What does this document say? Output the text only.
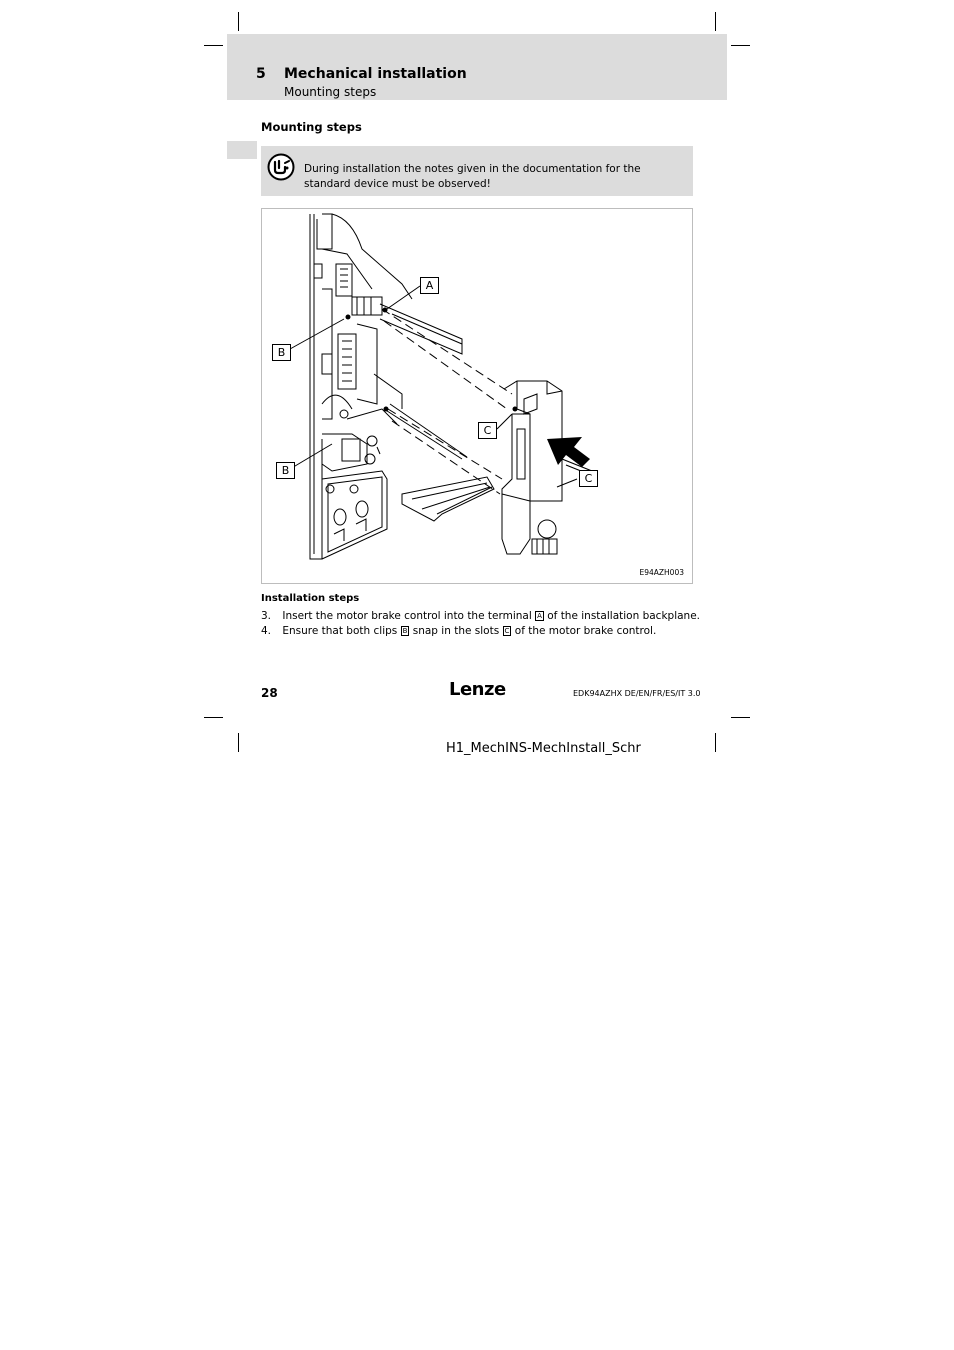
5 Mechanical installation
Mounting steps
Mounting steps
During installation the notes given in the documentation for the standard device must be observed!
A
B
B
C
C
E94AZH003
Installation steps
3. Insert the motor brake control into the terminal A of the installation backplane.
4. Ensure that both clips B snap in the slots C of the motor brake control.
28	Lenze	EDK94AZHX DE/EN/FR/ES/IT 3.0
H1_MechINS-MechInstall_Schr
